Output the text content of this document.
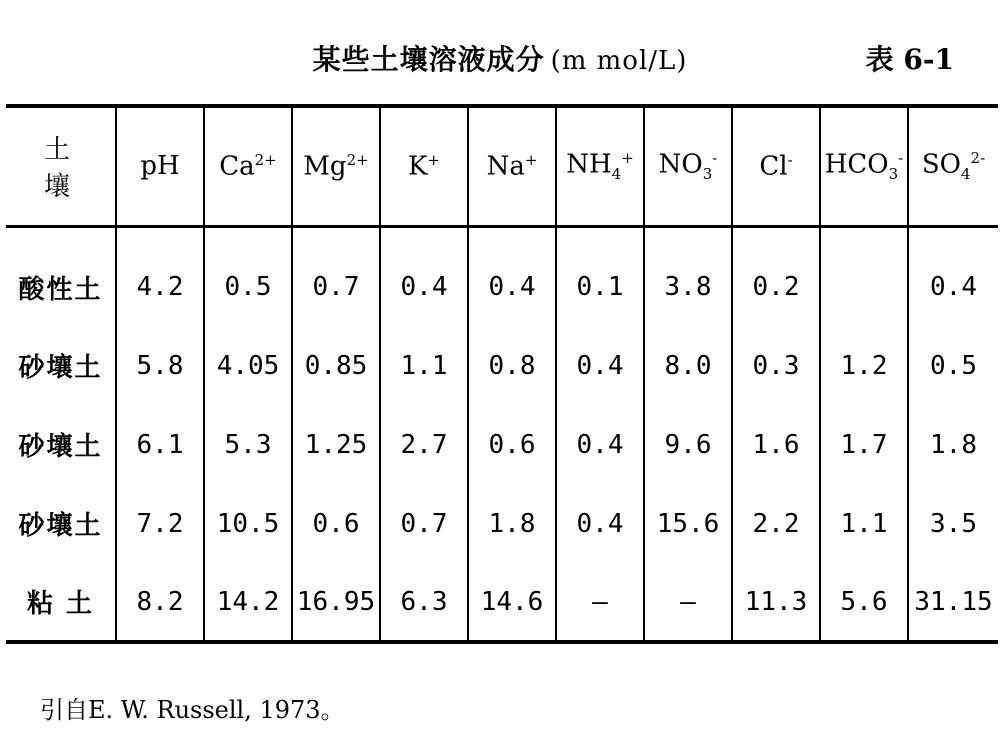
某些土壤溶液成分 (m mol/L)	表 6-1
土 壤	pH	$Ca^{2+}$	$Mg^{2+}$	K+	Na+	$NH_4^+$	$NO_3^-$	Cl-	$HCO_3^-$	$SO_4^{2-}$
酸性土	4.2	0.5	0.7	0.4	0.4	0.1	3.8	0.2		0.4
砂壤土	5.8	4.05	0.85	1.1	0.8	0.4	8.0	0.3	1.2	0.5
砂壤土	6.1	5.3	1.25	2.7	0.6	0.4	9.6	1.6	1.7	1.8
砂壤土	7.2	10.5	0.6	0.7	1.8	0.4	15.6	2.2	1.1	3.5
粘 土	8.2	14.2	16.95	6.3	14.6	—	—	11.3	5.6	31.15
引自E. W. Russell, 1973。
